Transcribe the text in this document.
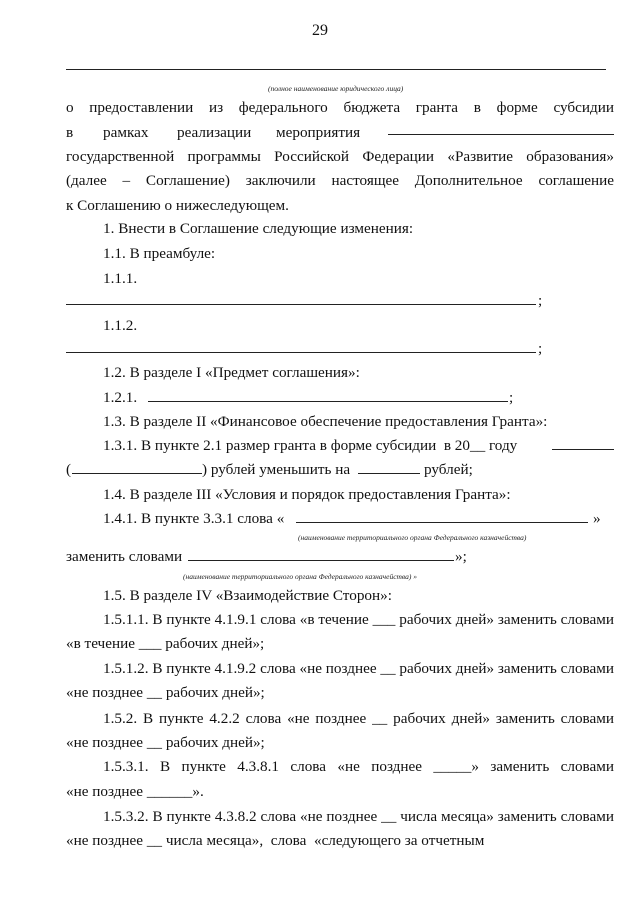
29
(полное наименование юридического лица)
о предоставлении из федерального бюджета гранта в форме субсидии
в рамках реализации мероприятия
государственной программы Российской Федерации «Развитие образования»
(далее – Соглашение) заключили настоящее Дополнительное соглашение
к Соглашению о нижеследующем.
1. Внести в Соглашение следующие изменения:
1.1. В преамбуле:
1.1.1.
;
1.1.2.
;
1.2. В разделе I «Предмет соглашения»:
1.2.1.	;
1.3. В разделе II «Финансовое обеспечение предоставления Гранта»:
1.3.1. В пункте 2.1 размер гранта в форме субсидии  в 20__ году
(	) рублей уменьшить на	рублей;
1.4. В разделе III «Условия и порядок предоставления Гранта»:
1.4.1. В пункте 3.3.1 слова «	»
(наименование территориального органа Федерального казначейства)
заменить словами	»;
(наименование территориального органа Федерального казначейства) »
1.5. В разделе IV «Взаимодействие Сторон»:
1.5.1.1. В пункте 4.1.9.1 слова «в течение ___ рабочих дней» заменить словами
«в течение ___ рабочих дней»;
1.5.1.2. В пункте 4.1.9.2 слова «не позднее __ рабочих дней» заменить словами
«не позднее __ рабочих дней»;
1.5.2. В пункте 4.2.2 слова «не позднее __ рабочих дней» заменить словами
«не позднее __ рабочих дней»;
1.5.3.1. В пункте 4.3.8.1 слова «не позднее _____» заменить словами
«не позднее ______».
1.5.3.2. В пункте 4.3.8.2 слова «не позднее __ числа месяца» заменить словами
«не позднее __ числа месяца»,  слова  «следующего за отчетным
